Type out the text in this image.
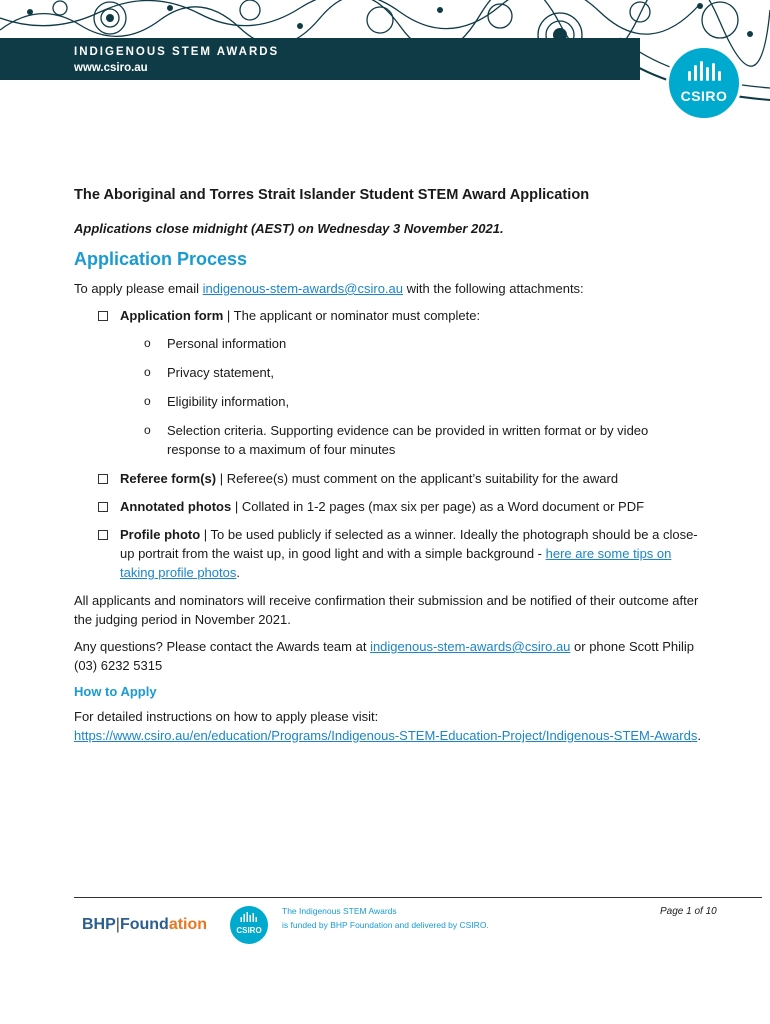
INDIGENOUS STEM AWARDS
www.csiro.au
CSIRO

The Aboriginal and Torres Strait Islander Student STEM Award Application

Applications close midnight (AEST) on Wednesday 3 November 2021.

Application Process

To apply please email indigenous-stem-awards@csiro.au with the following attachments:

Application form | The applicant or nominator must complete:
o Personal information
o Privacy statement,
o Eligibility information,
o Selection criteria. Supporting evidence can be provided in written format or by video response to a maximum of four minutes
Referee form(s) | Referee(s) must comment on the applicant’s suitability for the award
Annotated photos | Collated in 1-2 pages (max six per page) as a Word document or PDF
Profile photo | To be used publicly if selected as a winner. Ideally the photograph should be a close-up portrait from the waist up, in good light and with a simple background - here are some tips on taking profile photos.

All applicants and nominators will receive confirmation their submission and be notified of their outcome after the judging period in November 2021.

Any questions? Please contact the Awards team at indigenous-stem-awards@csiro.au or phone Scott Philip (03) 6232 5315

How to Apply

For detailed instructions on how to apply please visit:

https://www.csiro.au/en/education/Programs/Indigenous-STEM-Education-Project/Indigenous-STEM-Awards.

BHP|Foundation	CSIRO
The Indigenous STEM Awards
is funded by BHP Foundation and delivered by CSIRO.
Page 1 of 10
